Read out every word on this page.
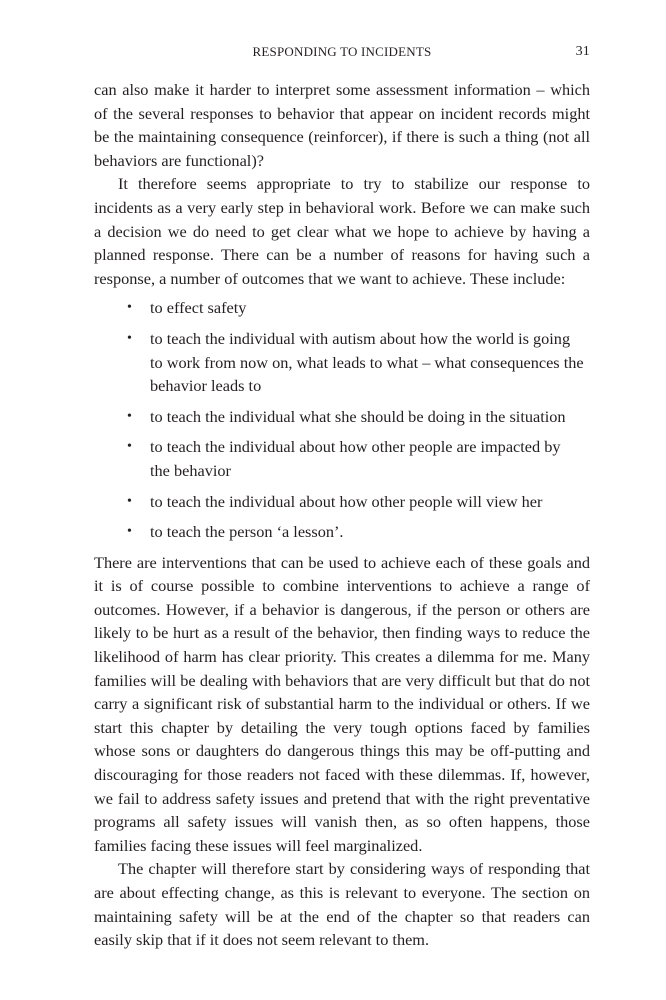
RESPONDING TO INCIDENTS	31

can also make it harder to interpret some assessment information – which of the several responses to behavior that appear on incident records might be the maintaining consequence (reinforcer), if there is such a thing (not all behaviors are functional)?

It therefore seems appropriate to try to stabilize our response to incidents as a very early step in behavioral work. Before we can make such a decision we do need to get clear what we hope to achieve by having a planned response. There can be a number of reasons for having such a response, a number of outcomes that we want to achieve. These include:

• to effect safety
• to teach the individual with autism about how the world is going to work from now on, what leads to what – what consequences the behavior leads to
• to teach the individual what she should be doing in the situation
• to teach the individual about how other people are impacted by the behavior
• to teach the individual about how other people will view her
• to teach the person ‘a lesson’.

There are interventions that can be used to achieve each of these goals and it is of course possible to combine interventions to achieve a range of outcomes. However, if a behavior is dangerous, if the person or others are likely to be hurt as a result of the behavior, then finding ways to reduce the likelihood of harm has clear priority. This creates a dilemma for me. Many families will be dealing with behaviors that are very difficult but that do not carry a significant risk of substantial harm to the individual or others. If we start this chapter by detailing the very tough options faced by families whose sons or daughters do dangerous things this may be off-putting and discouraging for those readers not faced with these dilemmas. If, however, we fail to address safety issues and pretend that with the right preventative programs all safety issues will vanish then, as so often happens, those families facing these issues will feel marginalized.

The chapter will therefore start by considering ways of responding that are about effecting change, as this is relevant to everyone. The section on maintaining safety will be at the end of the chapter so that readers can easily skip that if it does not seem relevant to them.
